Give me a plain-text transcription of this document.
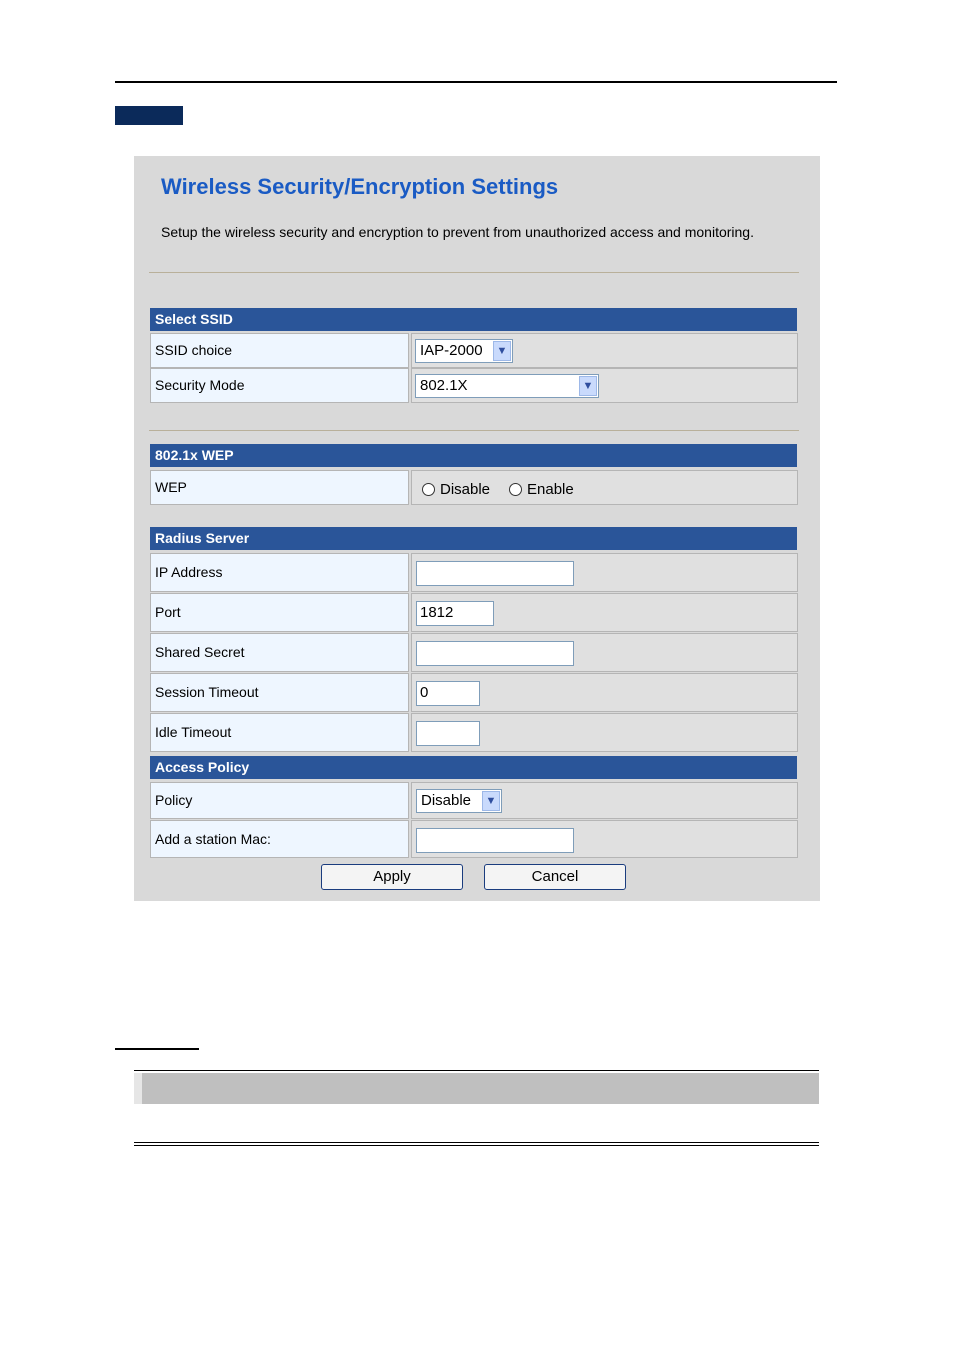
Wireless Security/Encryption Settings
Setup the wireless security and encryption to prevent from unauthorized access and monitoring.
Select SSID
SSID choice	IAP-2000	▼
Security Mode	802.1X	▼
802.1x WEP
WEP	Disable Enable
Radius Server
IP Address
Port	1812
Shared Secret
Session Timeout	0
Idle Timeout
Access Policy
Policy	Disable	▼
Add a station Mac:
Apply	Cancel
